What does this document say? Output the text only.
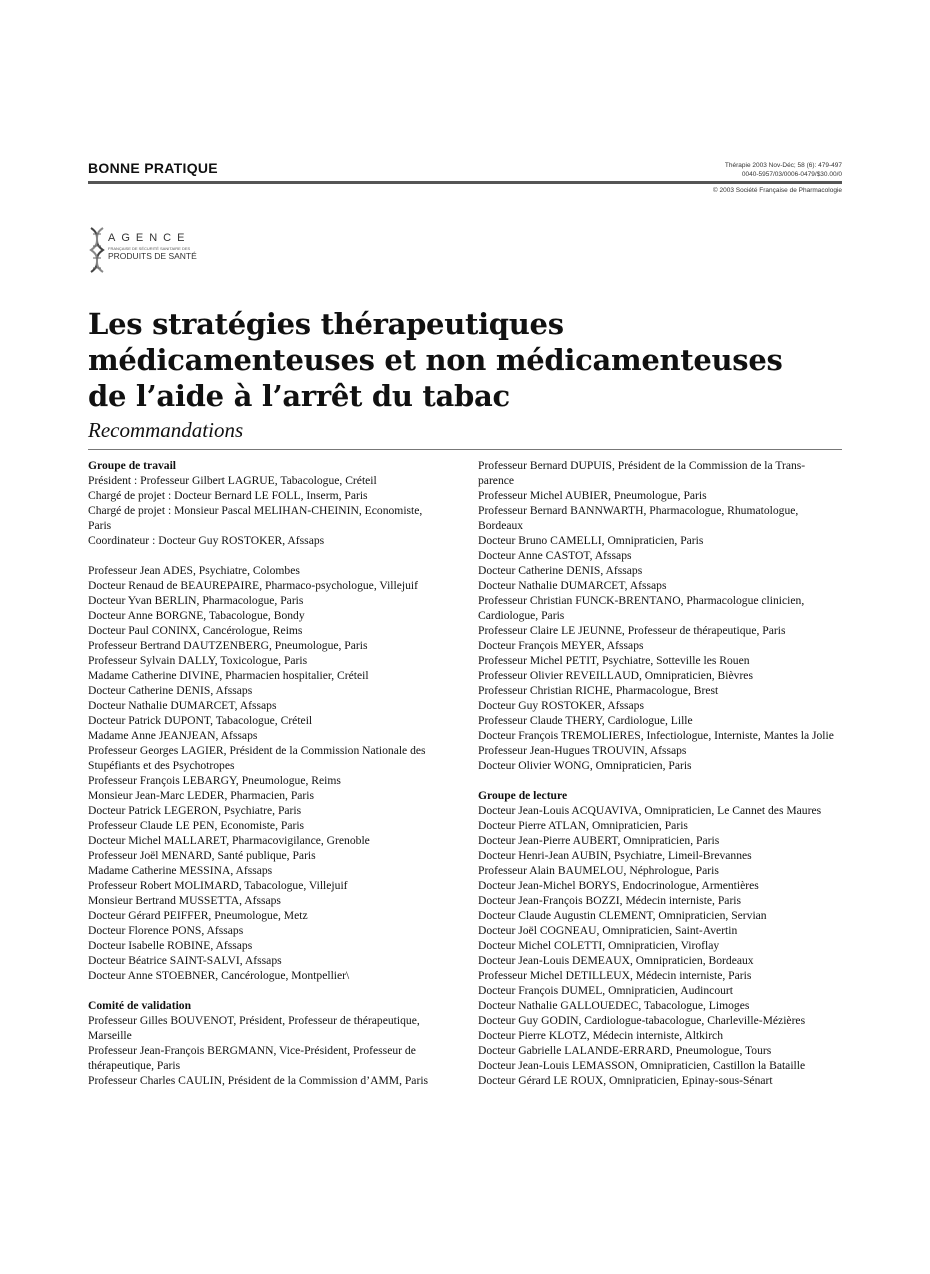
BONNE PRATIQUE	Thérapie 2003 Nov-Déc; 58 (6): 479-497
0040-5957/03/0006-0479/$30.00/0
© 2003 Société Française de Pharmacologie
AGENCE
FRANÇAISE DE SÉCURITÉ SANITAIRE DES
PRODUITS DE SANTÉ
Les stratégies thérapeutiques
médicamenteuses et non médicamenteuses
de l’aide à l’arrêt du tabac
Recommandations
Groupe de travail
Président : Professeur Gilbert LAGRUE, Tabacologue, Créteil
Chargé de projet : Docteur Bernard LE FOLL, Inserm, Paris
Chargé de projet : Monsieur Pascal MELIHAN-CHEININ, Economiste,
Paris
Coordinateur : Docteur Guy ROSTOKER, Afssaps
Professeur Jean ADES, Psychiatre, Colombes
Docteur Renaud de BEAUREPAIRE, Pharmaco-psychologue, Villejuif
Docteur Yvan BERLIN, Pharmacologue, Paris
Docteur Anne BORGNE, Tabacologue, Bondy
Docteur Paul CONINX, Cancérologue, Reims
Professeur Bertrand DAUTZENBERG, Pneumologue, Paris
Professeur Sylvain DALLY, Toxicologue, Paris
Madame Catherine DIVINE, Pharmacien hospitalier, Créteil
Docteur Catherine DENIS, Afssaps
Docteur Nathalie DUMARCET, Afssaps
Docteur Patrick DUPONT, Tabacologue, Créteil
Madame Anne JEANJEAN, Afssaps
Professeur Georges LAGIER, Président de la Commission Nationale des
Stupéfiants et des Psychotropes
Professeur François LEBARGY, Pneumologue, Reims
Monsieur Jean-Marc LEDER, Pharmacien, Paris
Docteur Patrick LEGERON, Psychiatre, Paris
Professeur Claude LE PEN, Economiste, Paris
Docteur Michel MALLARET, Pharmacovigilance, Grenoble
Professeur Joël MENARD, Santé publique, Paris
Madame Catherine MESSINA, Afssaps
Professeur Robert MOLIMARD, Tabacologue, Villejuif
Monsieur Bertrand MUSSETTA, Afssaps
Docteur Gérard PEIFFER, Pneumologue, Metz
Docteur Florence PONS, Afssaps
Docteur Isabelle ROBINE, Afssaps
Docteur Béatrice SAINT-SALVI, Afssaps
Docteur Anne STOEBNER, Cancérologue, Montpellier\
Comité de validation
Professeur Gilles BOUVENOT, Président, Professeur de thérapeutique,
Marseille
Professeur Jean-François BERGMANN, Vice-Président, Professeur de
thérapeutique, Paris
Professeur Charles CAULIN, Président de la Commission d’AMM, Paris
Professeur Bernard DUPUIS, Président de la Commission de la Trans-
parence
Professeur Michel AUBIER, Pneumologue, Paris
Professeur Bernard BANNWARTH, Pharmacologue, Rhumatologue,
Bordeaux
Docteur Bruno CAMELLI, Omnipraticien, Paris
Docteur Anne CASTOT, Afssaps
Docteur Catherine DENIS, Afssaps
Docteur Nathalie DUMARCET, Afssaps
Professeur Christian FUNCK-BRENTANO, Pharmacologue clinicien,
Cardiologue, Paris
Professeur Claire LE JEUNNE, Professeur de thérapeutique, Paris
Docteur François MEYER, Afssaps
Professeur Michel PETIT, Psychiatre, Sotteville les Rouen
Professeur Olivier REVEILLAUD, Omnipraticien, Bièvres
Professeur Christian RICHE, Pharmacologue, Brest
Docteur Guy ROSTOKER, Afssaps
Professeur Claude THERY, Cardiologue, Lille
Docteur François TREMOLIERES, Infectiologue, Interniste, Mantes la Jolie
Professeur Jean-Hugues TROUVIN, Afssaps
Docteur Olivier WONG, Omnipraticien, Paris
Groupe de lecture
Docteur Jean-Louis ACQUAVIVA, Omnipraticien, Le Cannet des Maures
Docteur Pierre ATLAN, Omnipraticien, Paris
Docteur Jean-Pierre AUBERT, Omnipraticien, Paris
Docteur Henri-Jean AUBIN, Psychiatre, Limeil-Brevannes
Professeur Alain BAUMELOU, Néphrologue, Paris
Docteur Jean-Michel BORYS, Endocrinologue, Armentières
Docteur Jean-François BOZZI, Médecin interniste, Paris
Docteur Claude Augustin CLEMENT, Omnipraticien, Servian
Docteur Joël COGNEAU, Omnipraticien, Saint-Avertin
Docteur Michel COLETTI, Omnipraticien, Viroflay
Docteur Jean-Louis DEMEAUX, Omnipraticien, Bordeaux
Professeur Michel DETILLEUX, Médecin interniste, Paris
Docteur François DUMEL, Omnipraticien, Audincourt
Docteur Nathalie GALLOUEDEC, Tabacologue, Limoges
Docteur Guy GODIN, Cardiologue-tabacologue, Charleville-Mézières
Docteur Pierre KLOTZ, Médecin interniste, Altkirch
Docteur Gabrielle LALANDE-ERRARD, Pneumologue, Tours
Docteur Jean-Louis LEMASSON, Omnipraticien, Castillon la Bataille
Docteur Gérard LE ROUX, Omnipraticien, Epinay-sous-Sénart
